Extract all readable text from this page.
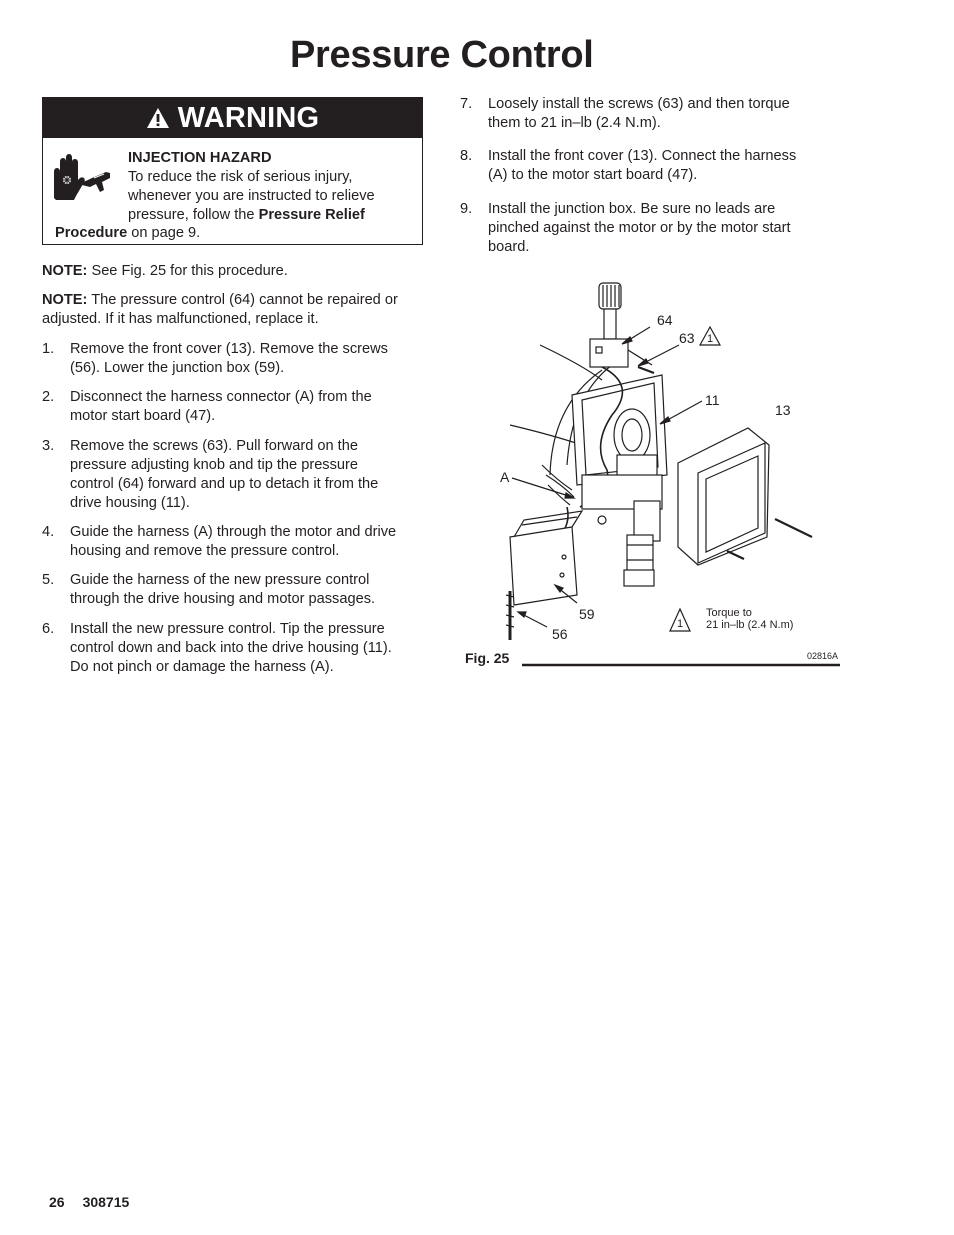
Pressure Control
WARNING
INJECTION HAZARD
To reduce the risk of serious injury, whenever you are instructed to relieve pressure, follow the Pressure Relief
Procedure on page 9.
NOTE: See Fig. 25 for this procedure.
NOTE: The pressure control (64) cannot be repaired or adjusted. If it has malfunctioned, replace it.
1. Remove the front cover (13). Remove the screws
(56). Lower the junction box (59).
2. Disconnect the harness connector (A) from the
motor start board (47).
3. Remove the screws (63). Pull forward on the
pressure adjusting knob and tip the pressure
control (64) forward and up to detach it from the
drive housing (11).
4. Guide the harness (A) through the motor and drive
housing and remove the pressure control.
5. Guide the harness of the new pressure control
through the drive housing and motor passages.
6. Install the new pressure control. Tip the pressure
control down and back into the drive housing (11).
Do not pinch or damage the harness (A).
7. Loosely install the screws (63) and then torque
them to 21 in–lb (2.4 N.m).
8. Install the front cover (13). Connect the harness
(A) to the motor start board (47).
9. Install the junction box. Be sure no leads are
pinched against the motor or by the motor start
board.
64
63 1
11
13
A
59
56
1
Torque to
21 in–lb (2.4 N.m)
Fig. 25	02816A
26 308715
